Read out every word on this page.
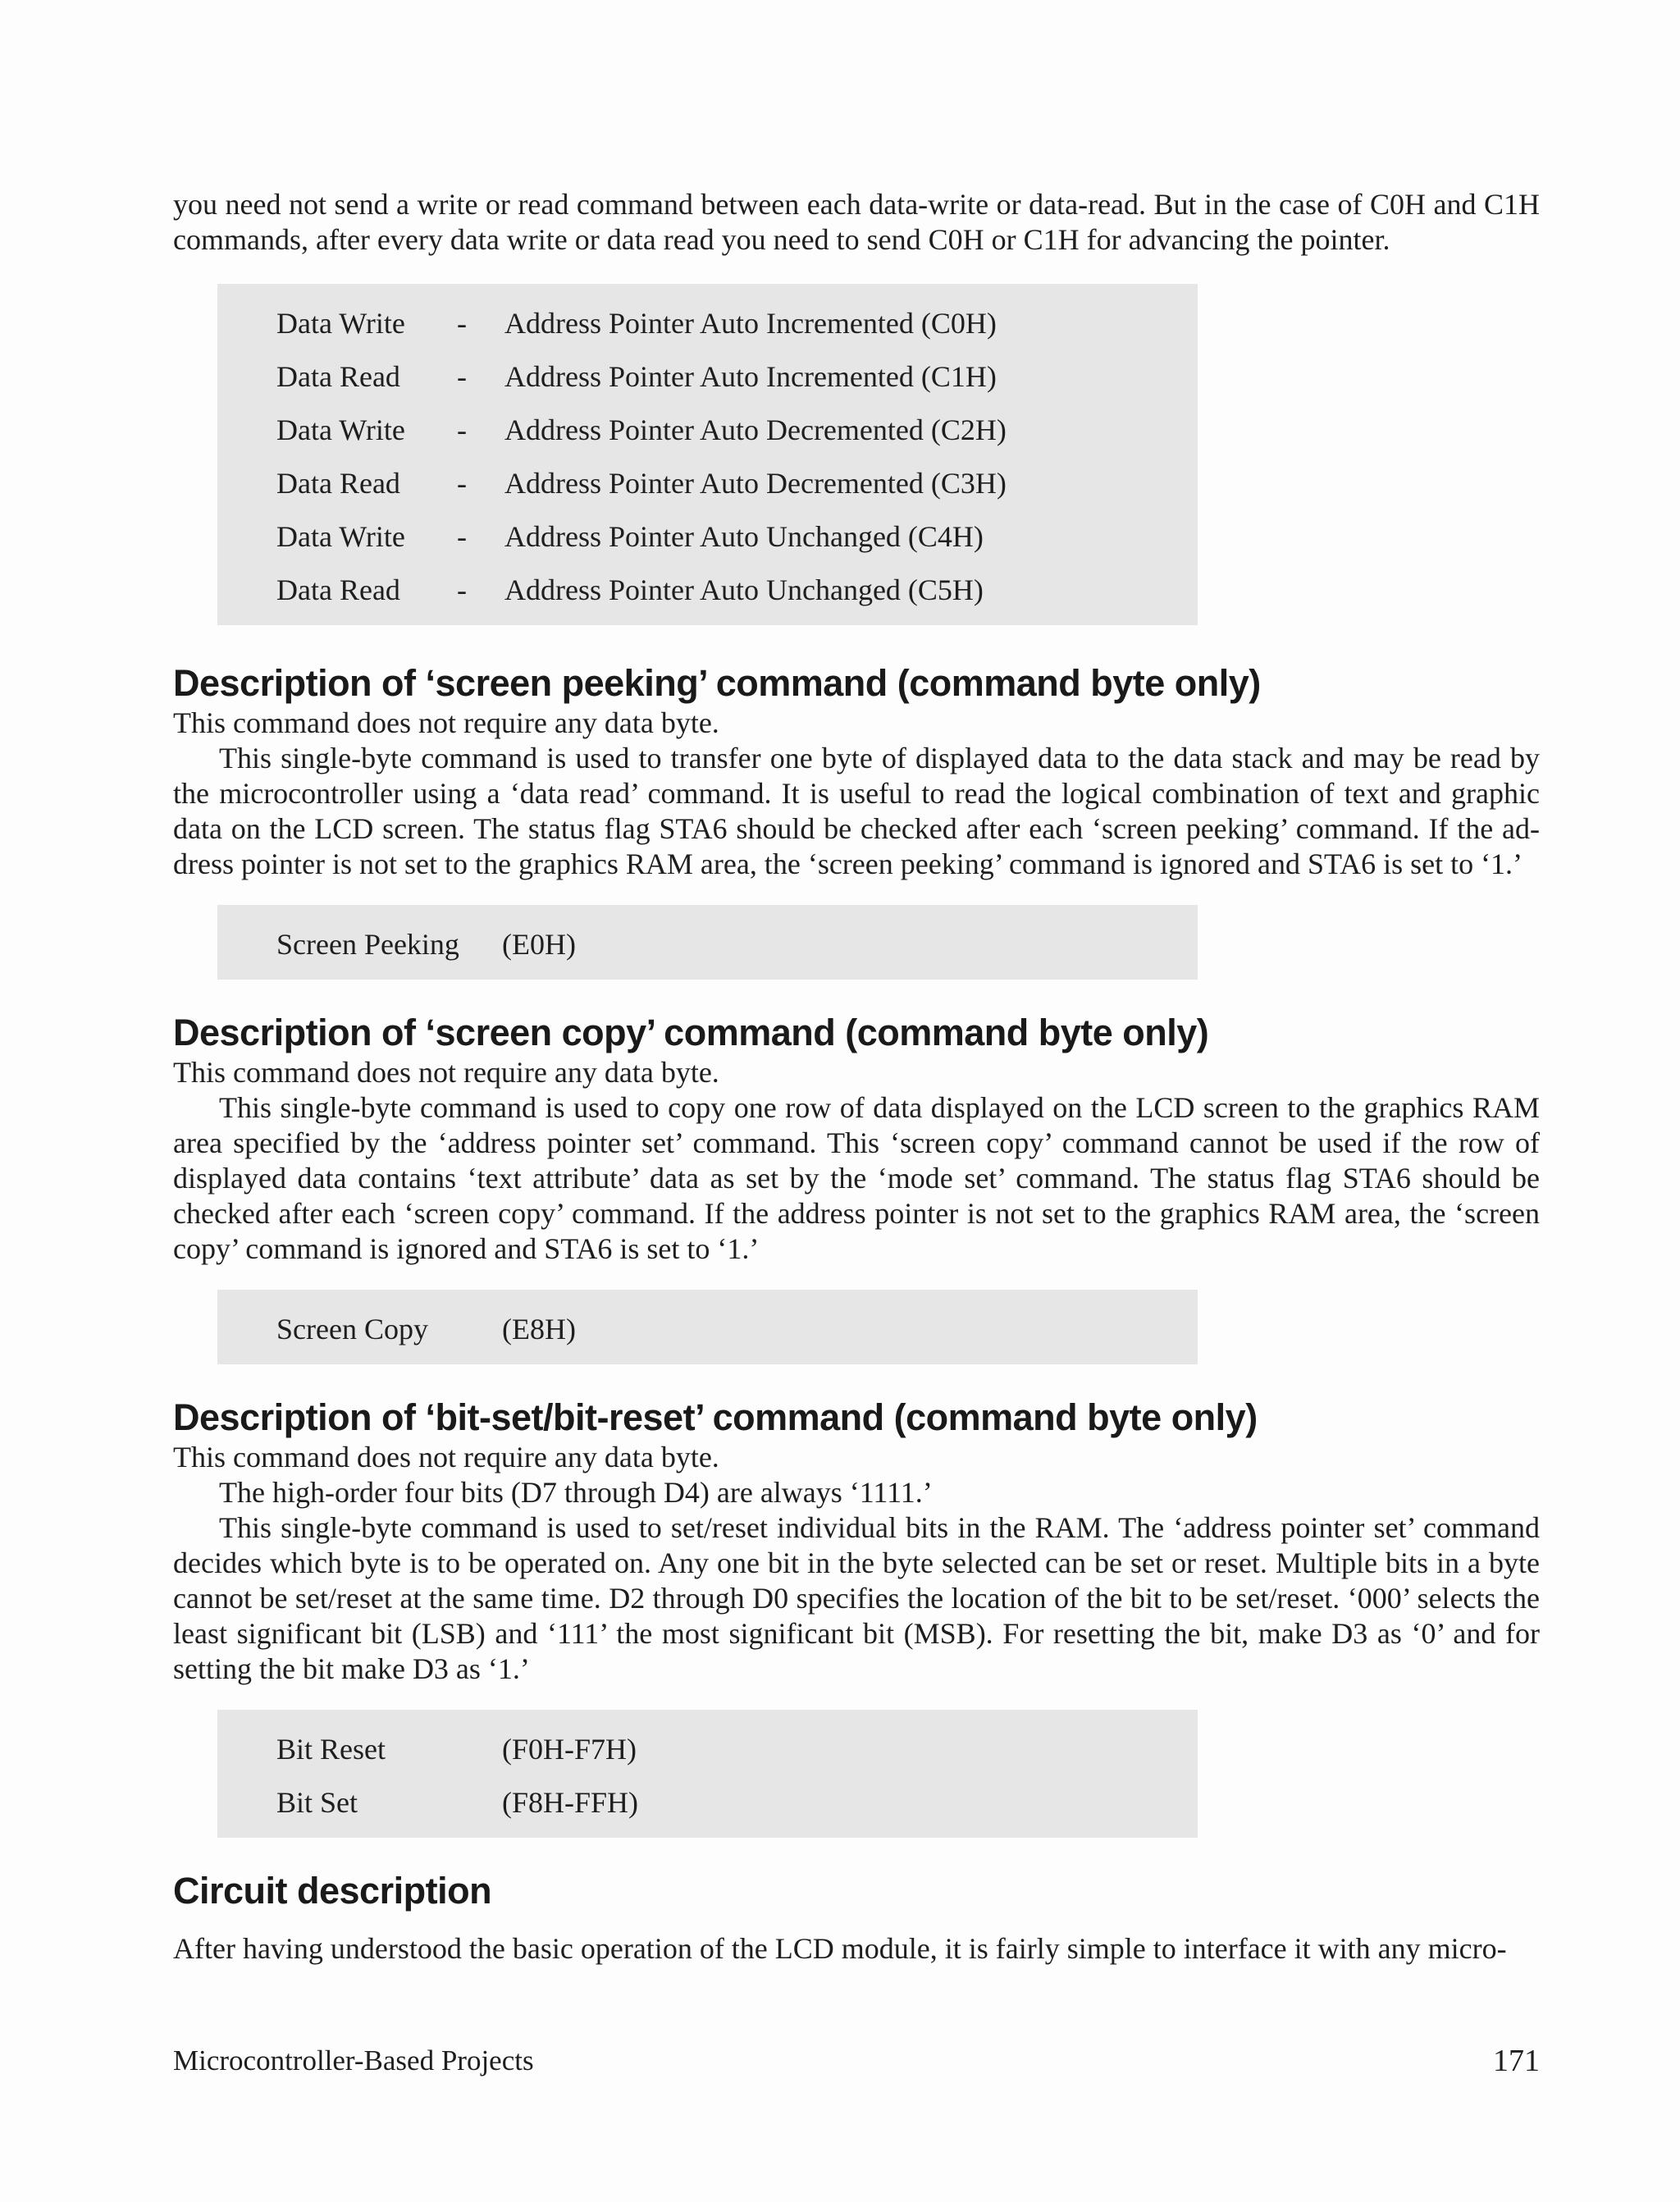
you need not send a write or read command between each data-write or data-read. But in the case of C0H and C1H commands, after every data write or data read you need to send C0H or C1H for advancing the pointer.

Data Write	-	Address Pointer Auto Incremented (C0H)
Data Read	-	Address Pointer Auto Incremented (C1H)
Data Write	-	Address Pointer Auto Decremented (C2H)
Data Read	-	Address Pointer Auto Decremented (C3H)
Data Write	-	Address Pointer Auto Unchanged (C4H)
Data Read	-	Address Pointer Auto Unchanged (C5H)
Description of ‘screen peeking’ command (command byte only)

This command does not require any data byte.

This single-byte command is used to transfer one byte of displayed data to the data stack and may be read by the microcontroller using a ‘data read’ command. It is useful to read the logical combination of text and graphic data on the LCD screen. The status flag STA6 should be checked after each ‘screen peeking’ command. If the ad-dress pointer is not set to the graphics RAM area, the ‘screen peeking’ command is ignored and STA6 is set to ‘1.’

Screen Peeking	(E0H)
Description of ‘screen copy’ command (command byte only)

This command does not require any data byte.

This single-byte command is used to copy one row of data displayed on the LCD screen to the graphics RAM area specified by the ‘address pointer set’ command. This ‘screen copy’ command cannot be used if the row of displayed data contains ‘text attribute’ data as set by the ‘mode set’ command. The status flag STA6 should be checked after each ‘screen copy’ command. If the address pointer is not set to the graphics RAM area, the ‘screen copy’ command is ignored and STA6 is set to ‘1.’

Screen Copy	(E8H)
Description of ‘bit-set/bit-reset’ command (command byte only)

This command does not require any data byte.

The high-order four bits (D7 through D4) are always ‘1111.’

This single-byte command is used to set/reset individual bits in the RAM. The ‘address pointer set’ command decides which byte is to be operated on. Any one bit in the byte selected can be set or reset. Multiple bits in a byte cannot be set/reset at the same time. D2 through D0 specifies the location of the bit to be set/reset. ‘000’ selects the least significant bit (LSB) and ‘111’ the most significant bit (MSB). For resetting the bit, make D3 as ‘0’ and for setting the bit make D3 as ‘1.’

Bit Reset	(F0H-F7H)
Bit Set	(F8H-FFH)
Circuit description

After having understood the basic operation of the LCD module, it is fairly simple to interface it with any micro-

Microcontroller-Based Projects	171
